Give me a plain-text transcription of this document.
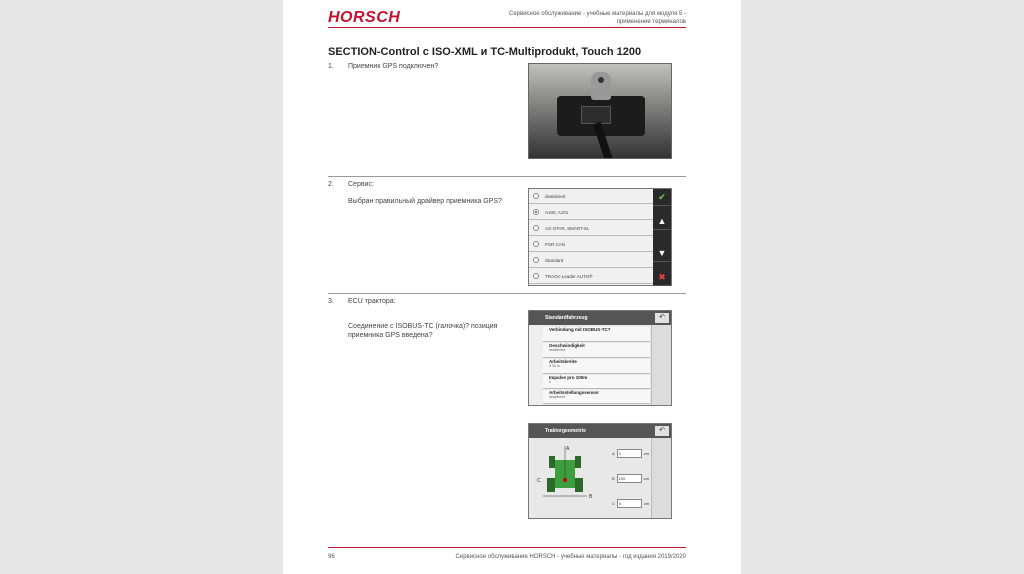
HORSCH	Сервисное обслуживание - учебные материалы для модуля 5 -
применение терминалов
SECTION-Control с ISO-XML и TC-Multiprodukt, Touch 1200
1. Приемник GPS подключен?
2. Сервис:
Выбран правильный драйвер приемника GPS?
deaktiviert
A100, A101
AG-STAR, SMART-6L
PSR CAN
Standard
TRACK-Leader AUTO®
✔
▲
▼
✖
3. ECU трактора:
Соединение с ISOBUS-TC (галочка)? позиция приемника GPS введена?
Standardfahrzeug	↶
Verbindung mit ISOBUS-TC?
Geschwindigkeit
deaktiviert
Arbeitsbreite
0.00 m
Impulse pro 100m
0
Arbeitsstellungssensor
deaktiviert
Traktorgeometrie	↶
A
B
C
A	0	cm
B	100	cm
C	0	cm
96	Сервисное обслуживание HORSCH - учебные материалы - год издания 2019/2020
